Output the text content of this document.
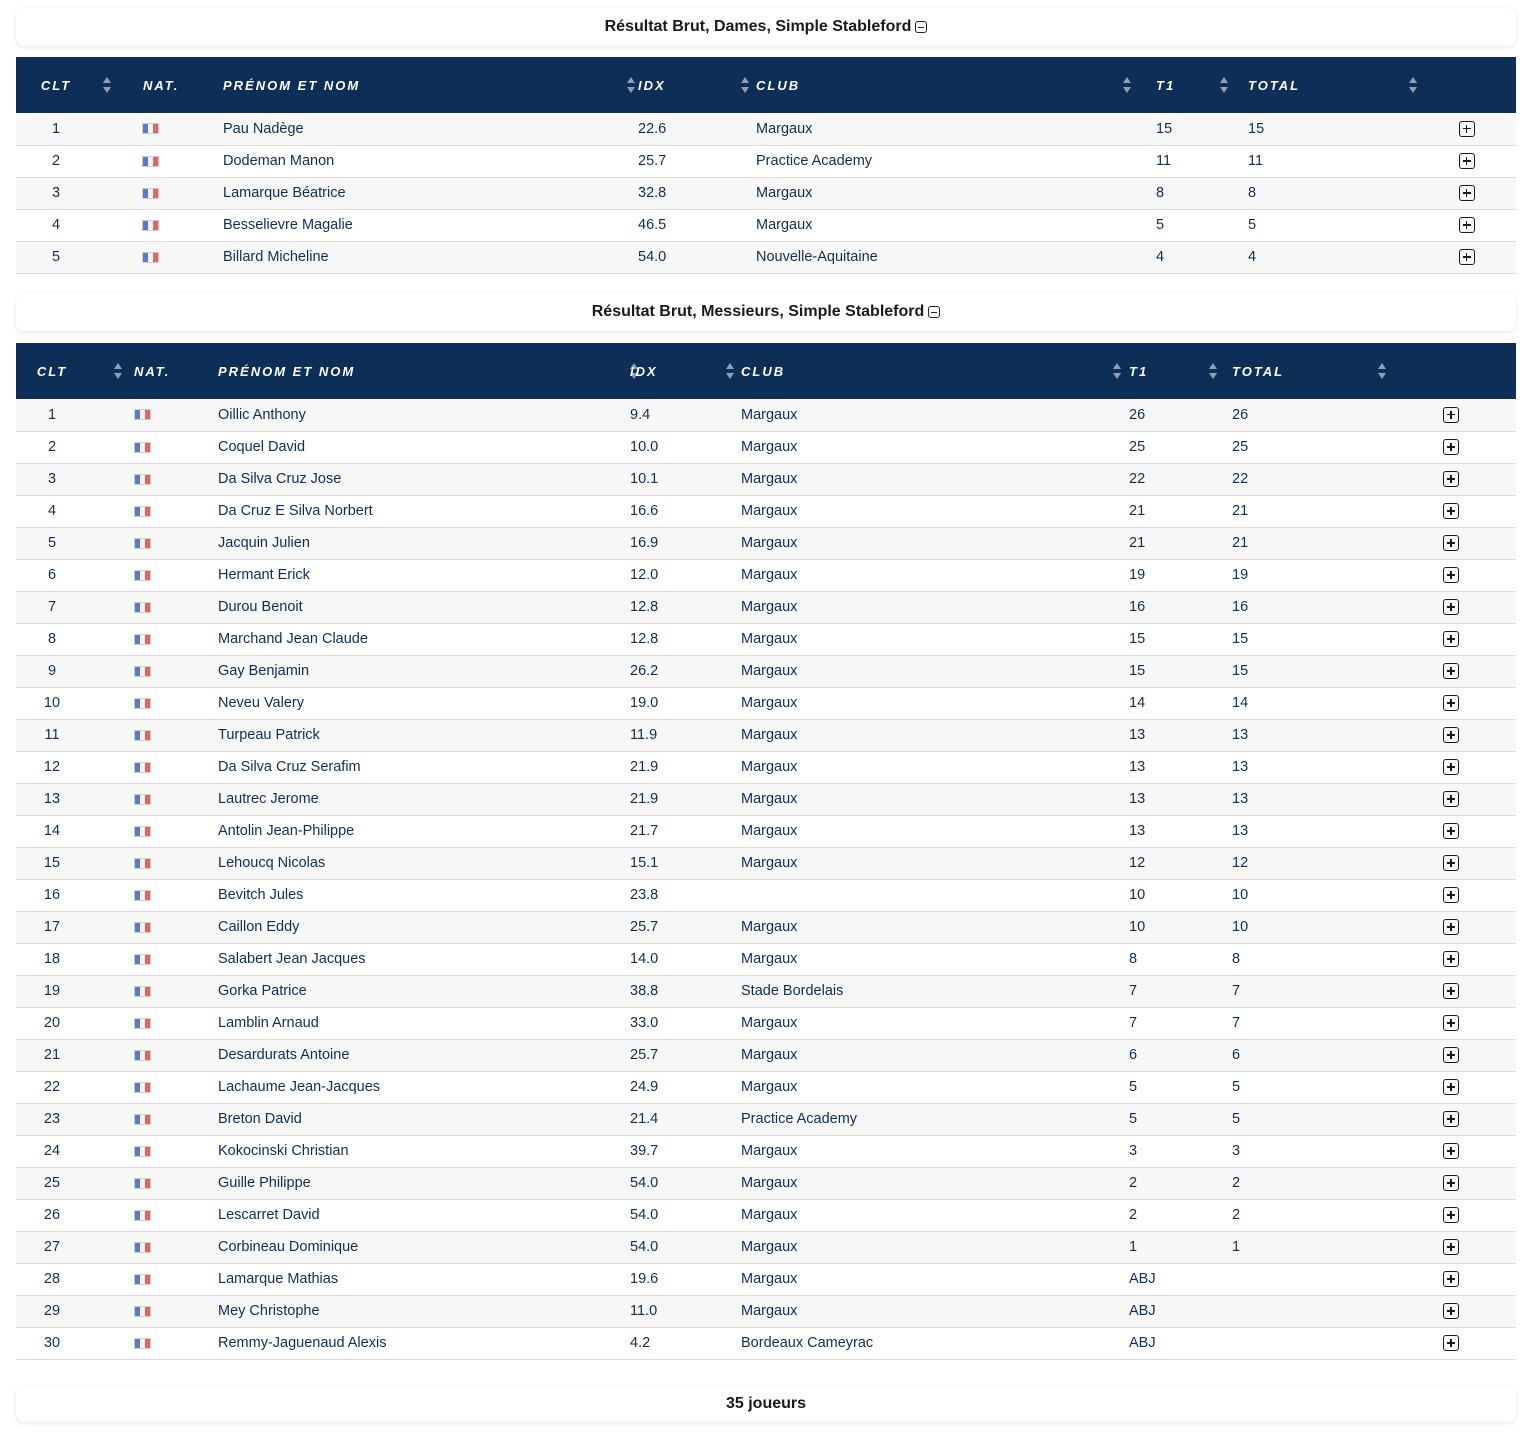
Résultat Brut, Dames, Simple Stableford
CLT	NAT.	PRÉNOM ET NOM	IDX	CLUB	T1	TOTAL

1		Pau Nadège	22.6	Margaux	15	15	
2		Dodeman Manon	25.7	Practice Academy	11	11	
3		Lamarque Béatrice	32.8	Margaux	8	8	
4		Besselievre Magalie	46.5	Margaux	5	5	
5		Billard Micheline	54.0	Nouvelle-Aquitaine	4	4	
Résultat Brut, Messieurs, Simple Stableford
CLT	NAT.	PRÉNOM ET NOM	IDX	CLUB	T1	TOTAL

1		Oillic Anthony	9.4	Margaux	26	26	
2		Coquel David	10.0	Margaux	25	25	
3		Da Silva Cruz Jose	10.1	Margaux	22	22	
4		Da Cruz E Silva Norbert	16.6	Margaux	21	21	
5		Jacquin Julien	16.9	Margaux	21	21	
6		Hermant Erick	12.0	Margaux	19	19	
7		Durou Benoit	12.8	Margaux	16	16	
8		Marchand Jean Claude	12.8	Margaux	15	15	
9		Gay Benjamin	26.2	Margaux	15	15	
10		Neveu Valery	19.0	Margaux	14	14	
11		Turpeau Patrick	11.9	Margaux	13	13	
12		Da Silva Cruz Serafim	21.9	Margaux	13	13	
13		Lautrec Jerome	21.9	Margaux	13	13	
14		Antolin Jean-Philippe	21.7	Margaux	13	13	
15		Lehoucq Nicolas	15.1	Margaux	12	12	
16		Bevitch Jules	23.8		10	10	
17		Caillon Eddy	25.7	Margaux	10	10	
18		Salabert Jean Jacques	14.0	Margaux	8	8	
19		Gorka Patrice	38.8	Stade Bordelais	7	7	
20		Lamblin Arnaud	33.0	Margaux	7	7	
21		Desardurats Antoine	25.7	Margaux	6	6	
22		Lachaume Jean-Jacques	24.9	Margaux	5	5	
23		Breton David	21.4	Practice Academy	5	5	
24		Kokocinski Christian	39.7	Margaux	3	3	
25		Guille Philippe	54.0	Margaux	2	2	
26		Lescarret David	54.0	Margaux	2	2	
27		Corbineau Dominique	54.0	Margaux	1	1	
28		Lamarque Mathias	19.6	Margaux	ABJ		
29		Mey Christophe	11.0	Margaux	ABJ		
30		Remmy-Jaguenaud Alexis	4.2	Bordeaux Cameyrac	ABJ		
35 joueurs
